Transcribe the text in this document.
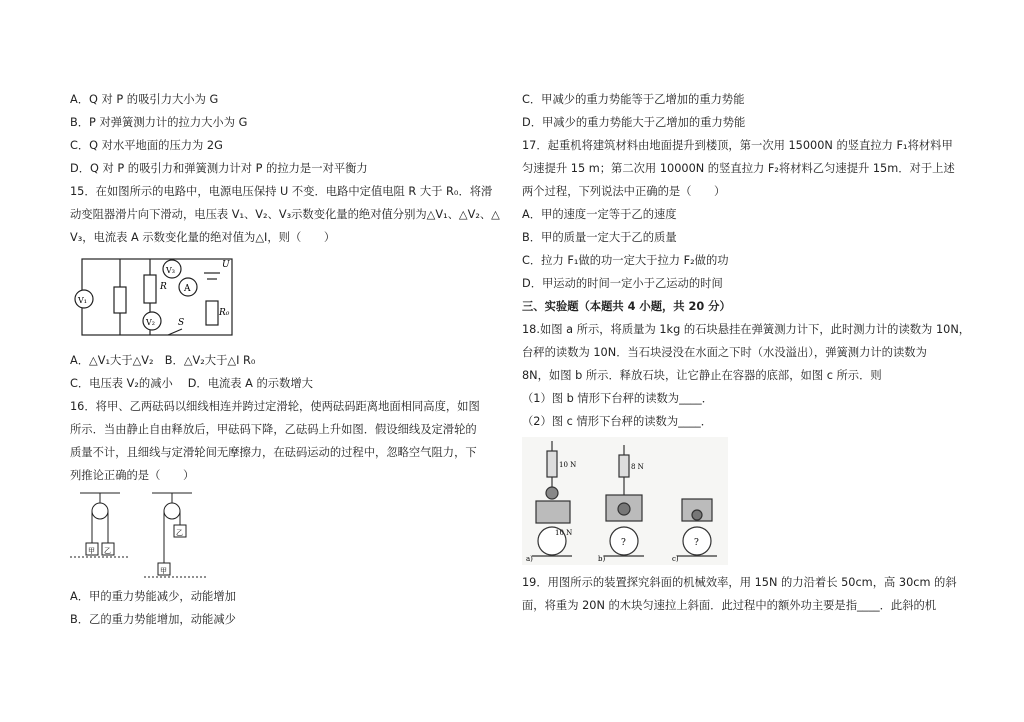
A．Q 对 P 的吸引力大小为 G
B．P 对弹簧测力计的拉力大小为 G
C．Q 对水平地面的压力为 2G
D．Q 对 P 的吸引力和弹簧测力计对 P 的拉力是一对平衡力
15．在如图所示的电路中，电源电压保持 U 不变．电路中定值电阻 R 大于 R₀．将滑
动变阻器滑片向下滑动，电压表 V₁、V₂、V₃示数变化量的绝对值分别为△V₁、△V₂、△
V₃，电流表 A 示数变化量的绝对值为△I，则（　　）
V₁
V₂
V₃
R A
U
R₀
S
A．△V₁大于△V₂　B．△V₂大于△I R₀
C．电压表 V₂的减小　 D．电流表 A 的示数增大
16．将甲、乙两砝码以细线相连并跨过定滑轮，使两砝码距离地面相同高度，如图
所示．当由静止自由释放后，甲砝码下降，乙砝码上升如图．假设细线及定滑轮的
质量不计，且细线与定滑轮间无摩擦力，在砝码运动的过程中，忽略空气阻力，下
列推论正确的是（　　）
甲 乙
乙
甲
A．甲的重力势能减少，动能增加
B．乙的重力势能增加，动能减少
C．甲减少的重力势能等于乙增加的重力势能
D．甲减少的重力势能大于乙增加的重力势能
17．起重机将建筑材料由地面提升到楼顶，第一次用 15000N 的竖直拉力 F₁将材料甲
匀速提升 15 m；第二次用 10000N 的竖直拉力 F₂将材料乙匀速提升 15m．对于上述
两个过程，下列说法中正确的是（　　）
A．甲的速度一定等于乙的速度
B．甲的质量一定大于乙的质量
C．拉力 F₁做的功一定大于拉力 F₂做的功
D．甲运动的时间一定小于乙运动的时间
三、实验题（本题共 4 小题，共 20 分）
18.如图 a 所示，将质量为 1kg 的石块悬挂在弹簧测力计下，此时测力计的读数为 10N，
台秤的读数为 10N．当石块浸没在水面之下时（水没溢出），弹簧测力计的读数为
8N，如图 b 所示．释放石块，让它静止在容器的底部，如图 c 所示．则
（1）图 b 情形下台秤的读数为____．
（2）图 c 情形下台秤的读数为____．
10 N	8 N
10 N
?	?
a)	b)	c)
19．用图所示的装置探究斜面的机械效率，用 15N 的力沿着长 50cm，高 30cm 的斜
面，将重为 20N 的木块匀速拉上斜面．此过程中的额外功主要是指____．此斜的机
